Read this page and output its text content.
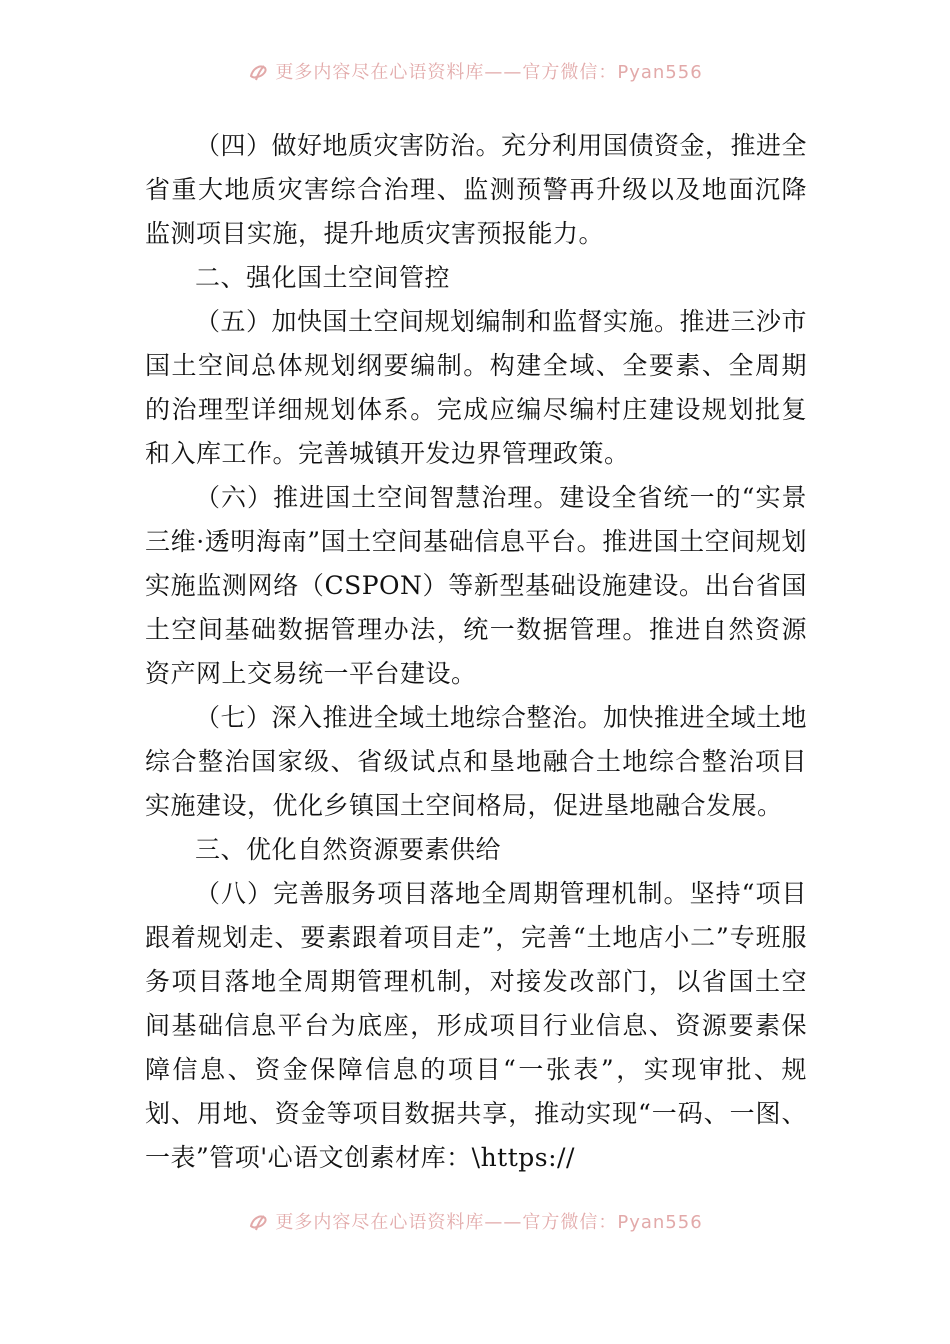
更多内容尽在心语资料库——官方微信：Pyan556

（四）做好地质灾害防治。充分利用国债资金，推进全省重大地质灾害综合治理、监测预警再升级以及地面沉降监测项目实施，提升地质灾害预报能力。

二、强化国土空间管控

（五）加快国土空间规划编制和监督实施。推进三沙市国土空间总体规划纲要编制。构建全域、全要素、全周期的治理型详细规划体系。完成应编尽编村庄建设规划批复和入库工作。完善城镇开发边界管理政策。

（六）推进国土空间智慧治理。建设全省统一的“实景三维·透明海南”国土空间基础信息平台。推进国土空间规划实施监测网络（CSPON）等新型基础设施建设。出台省国土空间基础数据管理办法，统一数据管理。推进自然资源资产网上交易统一平台建设。

（七）深入推进全域土地综合整治。加快推进全域土地综合整治国家级、省级试点和垦地融合土地综合整治项目实施建设，优化乡镇国土空间格局，促进垦地融合发展。

三、优化自然资源要素供给

（八）完善服务项目落地全周期管理机制。坚持“项目跟着规划走、要素跟着项目走”，完善“土地店小二”专班服务项目落地全周期管理机制，对接发改部门，以省国土空间基础信息平台为底座，形成项目行业信息、资源要素保障信息、资金保障信息的项目“一张表”，实现审批、规划、用地、资金等项目数据共享，推动实现“一码、一图、一表”管项'心语文创素材库：\https://

更多内容尽在心语资料库——官方微信：Pyan556
